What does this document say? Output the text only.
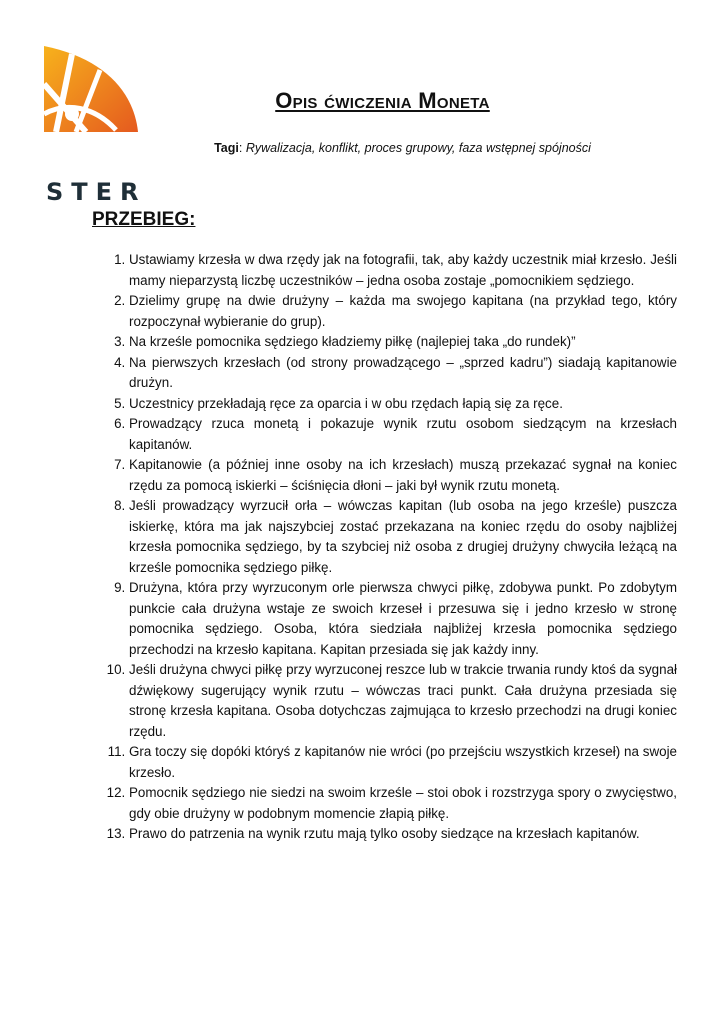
STER
Opis ćwiczenia Moneta
Tagi: Rywalizacja, konflikt, proces grupowy, faza wstępnej spójności
PRZEBIEG:
1. Ustawiamy krzesła w dwa rzędy jak na fotografii, tak, aby każdy uczestnik miał krzesło. Jeśli mamy nieparzystą liczbę uczestników – jedna osoba zostaje „pomocnikiem sędziego.
2. Dzielimy grupę na dwie drużyny – każda ma swojego kapitana (na przykład tego, który rozpoczynał wybieranie do grup).
3. Na krześle pomocnika sędziego kładziemy piłkę (najlepiej taka „do rundek)”
4. Na pierwszych krzesłach (od strony prowadzącego – „sprzed kadru”) siadają kapitanowie drużyn.
5. Uczestnicy przekładają ręce za oparcia i w obu rzędach łapią się za ręce.
6. Prowadzący rzuca monetą i pokazuje wynik rzutu osobom siedzącym na krzesłach kapitanów.
7. Kapitanowie (a później inne osoby na ich krzesłach) muszą przekazać sygnał na koniec rzędu za pomocą iskierki – ściśnięcia dłoni – jaki był wynik rzutu monetą.
8. Jeśli prowadzący wyrzucił orła – wówczas kapitan (lub osoba na jego krześle) puszcza iskierkę, która ma jak najszybciej zostać przekazana na koniec rzędu do osoby najbliżej krzesła pomocnika sędziego, by ta szybciej niż osoba z drugiej drużyny chwyciła leżącą na krześle pomocnika sędziego piłkę.
9. Drużyna, która przy wyrzuconym orle pierwsza chwyci piłkę, zdobywa punkt. Po zdobytym punkcie cała drużyna wstaje ze swoich krzeseł i przesuwa się i jedno krzesło w stronę pomocnika sędziego. Osoba, która siedziała najbliżej krzesła pomocnika sędziego przechodzi na krzesło kapitana. Kapitan przesiada się jak każdy inny.
10. Jeśli drużyna chwyci piłkę przy wyrzuconej reszce lub w trakcie trwania rundy ktoś da sygnał dźwiękowy sugerujący wynik rzutu – wówczas traci punkt. Cała drużyna przesiada się stronę krzesła kapitana. Osoba dotychczas zajmująca to krzesło przechodzi na drugi koniec rzędu.
11. Gra toczy się dopóki któryś z kapitanów nie wróci (po przejściu wszystkich krzeseł) na swoje krzesło.
12. Pomocnik sędziego nie siedzi na swoim krześle – stoi obok i rozstrzyga spory o zwycięstwo, gdy obie drużyny w podobnym momencie złapią piłkę.
13. Prawo do patrzenia na wynik rzutu mają tylko osoby siedzące na krzesłach kapitanów.
